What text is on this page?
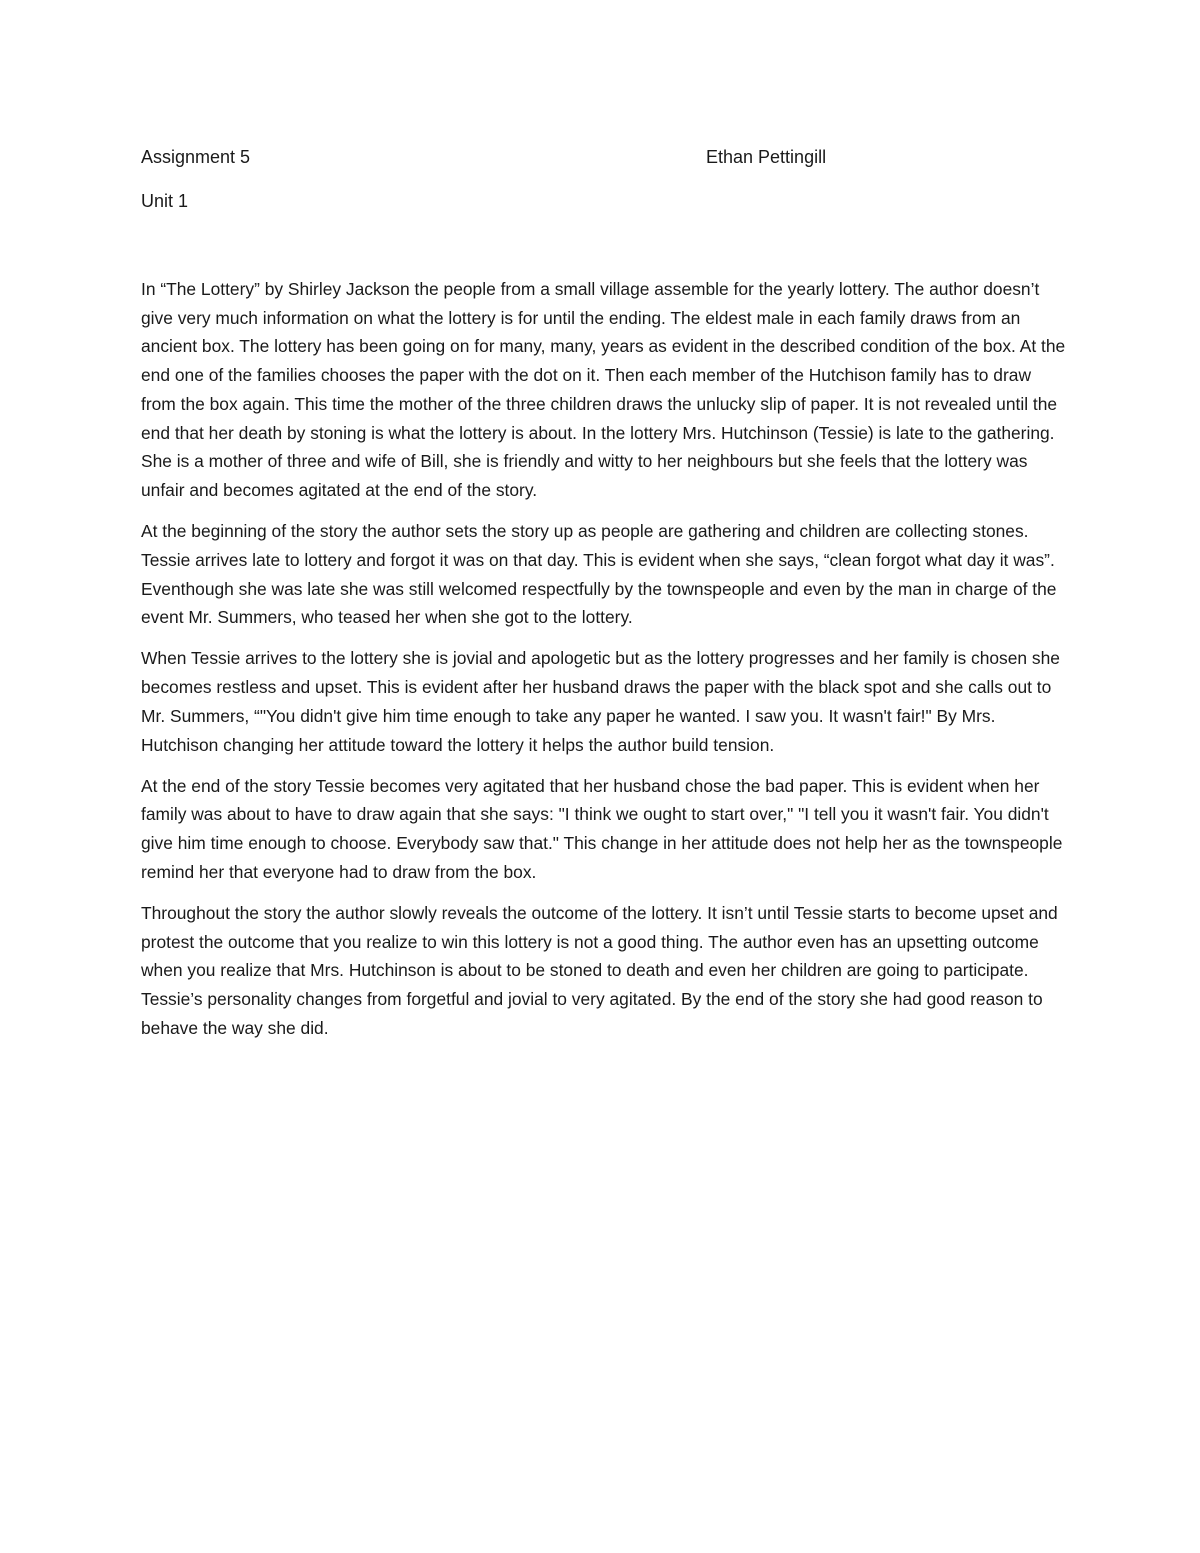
Assignment 5	Ethan Pettingill
Unit 1

In “The Lottery” by Shirley Jackson the people from a small village assemble for the yearly lottery. The author doesn’t give very much information on what the lottery is for until the ending. The eldest male in each family draws from an ancient box. The lottery has been going on for many, many, years as evident in the described condition of the box. At the end one of the families chooses the paper with the dot on it. Then each member of the Hutchison family has to draw from the box again. This time the mother of the three children draws the unlucky slip of paper. It is not revealed until the end that her death by stoning is what the lottery is about. In the lottery Mrs. Hutchinson (Tessie) is late to the gathering. She is a mother of three and wife of Bill, she is friendly and witty to her neighbours but she feels that the lottery was unfair and becomes agitated at the end of the story.

At the beginning of the story the author sets the story up as people are gathering and children are collecting stones. Tessie arrives late to lottery and forgot it was on that day. This is evident when she says, “clean forgot what day it was”. Eventhough she was late she was still welcomed respectfully by the townspeople and even by the man in charge of the event Mr. Summers, who teased her when she got to the lottery.

When Tessie arrives to the lottery she is jovial and apologetic but as the lottery progresses and her family is chosen she becomes restless and upset. This is evident after her husband draws the paper with the black spot and she calls out to Mr. Summers, “"You didn't give him time enough to take any paper he wanted. I saw you. It wasn't fair!" By Mrs. Hutchison changing her attitude toward the lottery it helps the author build tension.

At the end of the story Tessie becomes very agitated that her husband chose the bad paper. This is evident when her family was about to have to draw again that she says: "I think we ought to start over," "I tell you it wasn't fair. You didn't give him time enough to choose. Everybody saw that." This change in her attitude does not help her as the townspeople remind her that everyone had to draw from the box.

Throughout the story the author slowly reveals the outcome of the lottery. It isn’t until Tessie starts to become upset and protest the outcome that you realize to win this lottery is not a good thing. The author even has an upsetting outcome when you realize that Mrs. Hutchinson is about to be stoned to death and even her children are going to participate. Tessie’s personality changes from forgetful and jovial to very agitated. By the end of the story she had good reason to behave the way she did.
